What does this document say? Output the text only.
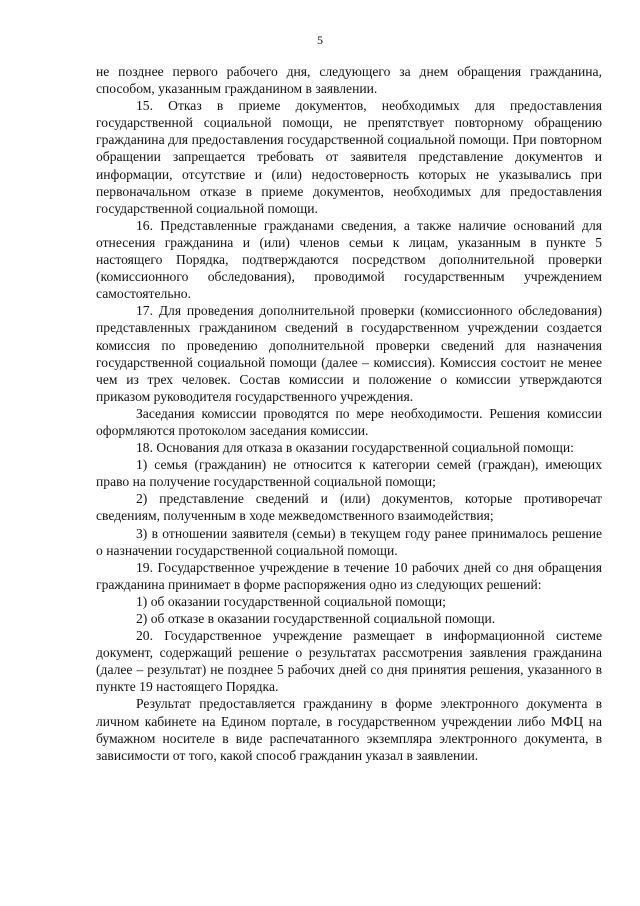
5

не позднее первого рабочего дня, следующего за днем обращения гражданина, способом, указанным гражданином в заявлении.

15. Отказ в приеме документов, необходимых для предоставления государственной социальной помощи, не препятствует повторному обращению гражданина для предоставления государственной социальной помощи. При повторном обращении запрещается требовать от заявителя представление документов и информации, отсутствие и (или) недостоверность которых не указывались при первоначальном отказе в приеме документов, необходимых для предоставления государственной социальной помощи.

16. Представленные гражданами сведения, а также наличие оснований для отнесения гражданина и (или) членов семьи к лицам, указанным в пункте 5 настоящего Порядка, подтверждаются посредством дополнительной проверки (комиссионного обследования), проводимой государственным учреждением самостоятельно.

17. Для проведения дополнительной проверки (комиссионного обследования) представленных гражданином сведений в государственном учреждении создается комиссия по проведению дополнительной проверки сведений для назначения государственной социальной помощи (далее – комиссия). Комиссия состоит не менее чем из трех человек. Состав комиссии и положение о комиссии утверждаются приказом руководителя государственного учреждения.

Заседания комиссии проводятся по мере необходимости. Решения комиссии оформляются протоколом заседания комиссии.

18. Основания для отказа в оказании государственной социальной помощи:

1) семья (гражданин) не относится к категории семей (граждан), имеющих право на получение государственной социальной помощи;

2) представление сведений и (или) документов, которые противоречат сведениям, полученным в ходе межведомственного взаимодействия;

3) в отношении заявителя (семьи) в текущем году ранее принималось решение о назначении государственной социальной помощи.

19. Государственное учреждение в течение 10 рабочих дней со дня обращения гражданина принимает в форме распоряжения одно из следующих решений:

1) об оказании государственной социальной помощи;

2) об отказе в оказании государственной социальной помощи.

20. Государственное учреждение размещает в информационной системе документ, содержащий решение о результатах рассмотрения заявления гражданина (далее – результат) не позднее 5 рабочих дней со дня принятия решения, указанного в пункте 19 настоящего Порядка.

Результат предоставляется гражданину в форме электронного документа в личном кабинете на Едином портале, в государственном учреждении либо МФЦ на бумажном носителе в виде распечатанного экземпляра электронного документа, в зависимости от того, какой способ гражданин указал в заявлении.
